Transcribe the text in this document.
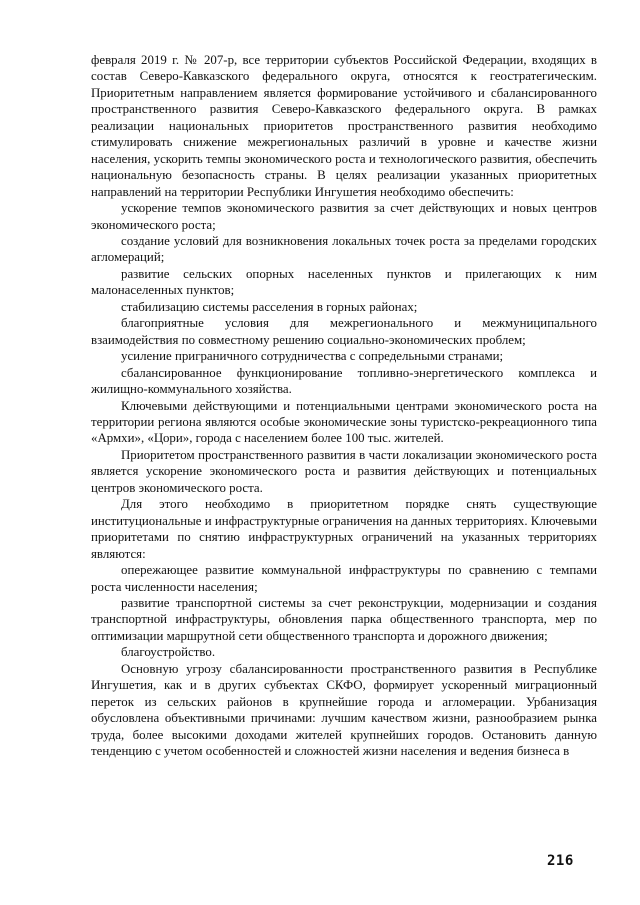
февраля 2019 г. № 207-р, все территории субъектов Российской Федерации, входящих в состав Северо-Кавказского федерального округа, относятся к геостратегическим. Приоритетным направлением является формирование устойчивого и сбалансированного пространственного развития Северо-Кавказского федерального округа. В рамках реализации национальных приоритетов пространственного развития необходимо стимулировать снижение межрегиональных различий в уровне и качестве жизни населения, ускорить темпы экономического роста и технологического развития, обеспечить национальную безопасность страны. В целях реализации указанных приоритетных направлений на территории Республики Ингушетия необходимо обеспечить:

ускорение темпов экономического развития за счет действующих и новых центров экономического роста;

создание условий для возникновения локальных точек роста за пределами городских агломераций;

развитие сельских опорных населенных пунктов и прилегающих к ним малонаселенных пунктов;

стабилизацию системы расселения в горных районах;

благоприятные условия для межрегионального и межмуниципального взаимодействия по совместному решению социально-экономических проблем;

усиление приграничного сотрудничества с сопредельными странами;

сбалансированное функционирование топливно-энергетического комплекса и жилищно-коммунального хозяйства.

Ключевыми действующими и потенциальными центрами экономического роста на территории региона являются особые экономические зоны туристско-рекреационного типа «Армхи», «Цори», города с населением более 100 тыс. жителей.

Приоритетом пространственного развития в части локализации экономического роста является ускорение экономического роста и развития действующих и потенциальных центров экономического роста.

Для этого необходимо в приоритетном порядке снять существующие институциональные и инфраструктурные ограничения на данных территориях. Ключевыми приоритетами по снятию инфраструктурных ограничений на указанных территориях являются:

опережающее развитие коммунальной инфраструктуры по сравнению с темпами роста численности населения;

развитие транспортной системы за счет реконструкции, модернизации и создания транспортной инфраструктуры, обновления парка общественного транспорта, мер по оптимизации маршрутной сети общественного транспорта и дорожного движения;

благоустройство.

Основную угрозу сбалансированности пространственного развития в Республике Ингушетия, как и в других субъектах СКФО, формирует ускоренный миграционный переток из сельских районов в крупнейшие города и агломерации. Урбанизация обусловлена объективными причинами: лучшим качеством жизни, разнообразием рынка труда, более высокими доходами жителей крупнейших городов. Остановить данную тенденцию с учетом особенностей и сложностей жизни населения и ведения бизнеса в

216
